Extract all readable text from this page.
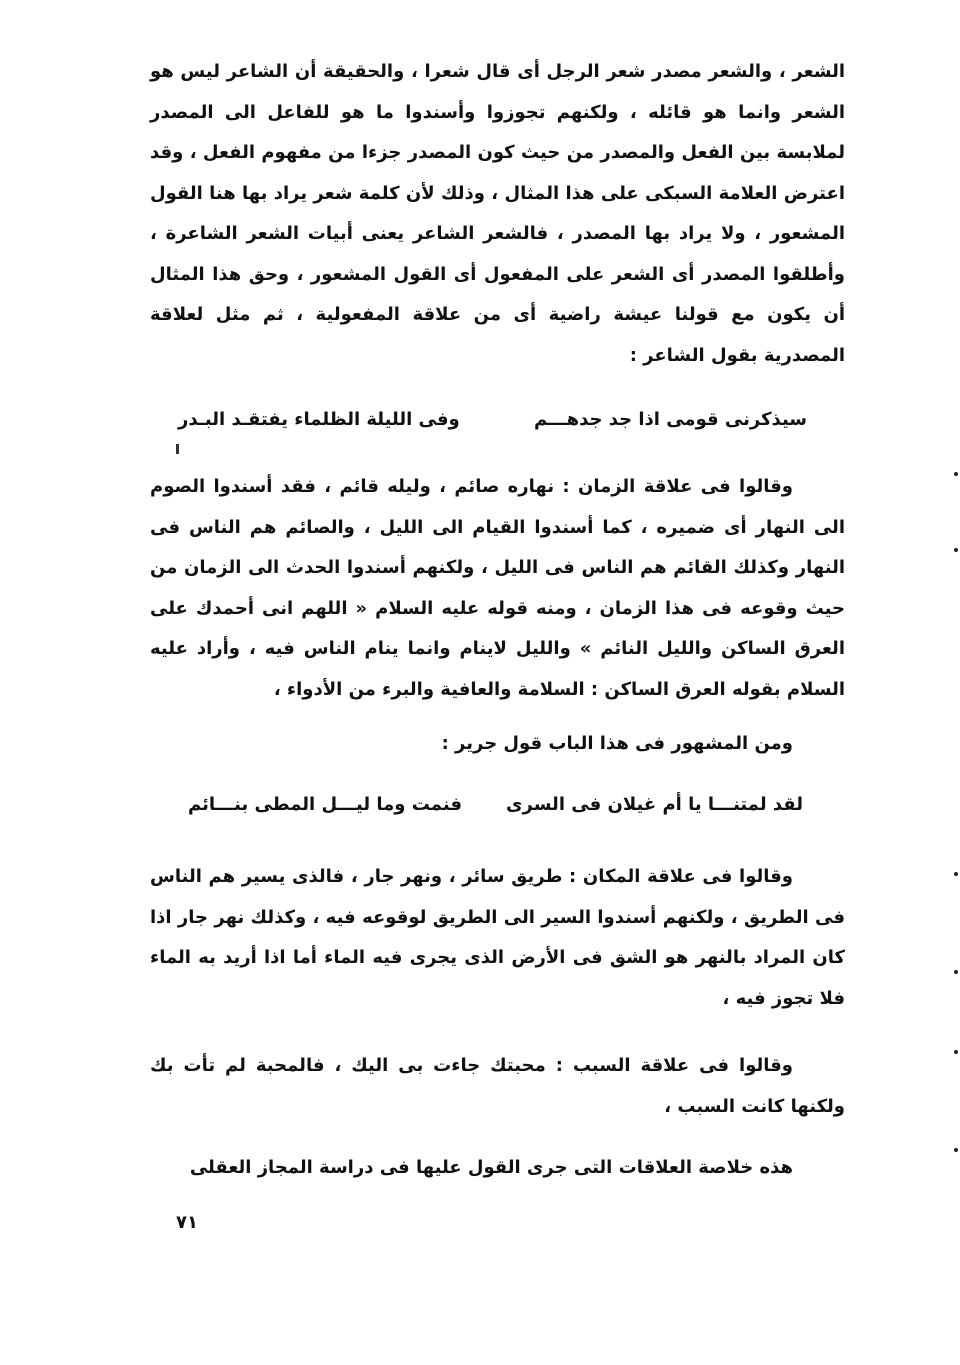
الشعر ، والشعر مصدر شعر الرجل أى قال شعرا ، والحقيقة أن الشاعر ليس هو الشعر وانما هو قائله ، ولكنهم تجوزوا وأسندوا ما هو للفاعل الى المصدر لملابسة بين الفعل والمصدر من حيث كون المصدر جزءا من مفهوم الفعل ، وقد اعترض العلامة السبكى على هذا المثال ، وذلك لأن كلمة شعر يراد بها هنا القول المشعور ، ولا يراد بها المصدر ، فالشعر الشاعر يعنى أبيات الشعر الشاعرة ، وأطلقوا المصدر أى الشعر على المفعول أى القول المشعور ، وحق هذا المثال أن يكون مع قولنا عيشة راضية أى من علاقة المفعولية ، ثم مثل لعلاقة المصدرية بقول الشاعر :

سيذكرنى قومى اذا جد جدهـــم
وفى الليلة الظلماء يفتقـد البـدر

وقالوا فى علاقة الزمان : نهاره صائم ، وليله قائم ، فقد أسندوا الصوم الى النهار أى ضميره ، كما أسندوا القيام الى الليل ، والصائم هم الناس فى النهار وكذلك القائم هم الناس فى الليل ، ولكنهم أسندوا الحدث الى الزمان من حيث وقوعه فى هذا الزمان ، ومنه قوله عليه السلام « اللهم انى أحمدك على العرق الساكن والليل النائم » والليل لاينام وانما ينام الناس فيه ، وأراد عليه السلام بقوله العرق الساكن : السلامة والعافية والبرء من الأدواء ،

ومن المشهور فى هذا الباب قول جرير :

لقد لمتنـــا يا أم غيلان فى السرى
فنمت وما ليـــل المطى بنـــائم

وقالوا فى علاقة المكان : طريق سائر ، ونهر جار ، فالذى يسير هم الناس فى الطريق ، ولكنهم أسندوا السير الى الطريق لوقوعه فيه ، وكذلك نهر جار اذا كان المراد بالنهر هو الشق فى الأرض الذى يجرى فيه الماء أما اذا أريد به الماء فلا تجوز فيه ،

وقالوا فى علاقة السبب : محبتك جاءت بى اليك ، فالمحبة لم تأت بك ولكنها كانت السبب ،

هذه خلاصة العلاقات التى جرى القول عليها فى دراسة المجاز العقلى

٧١
